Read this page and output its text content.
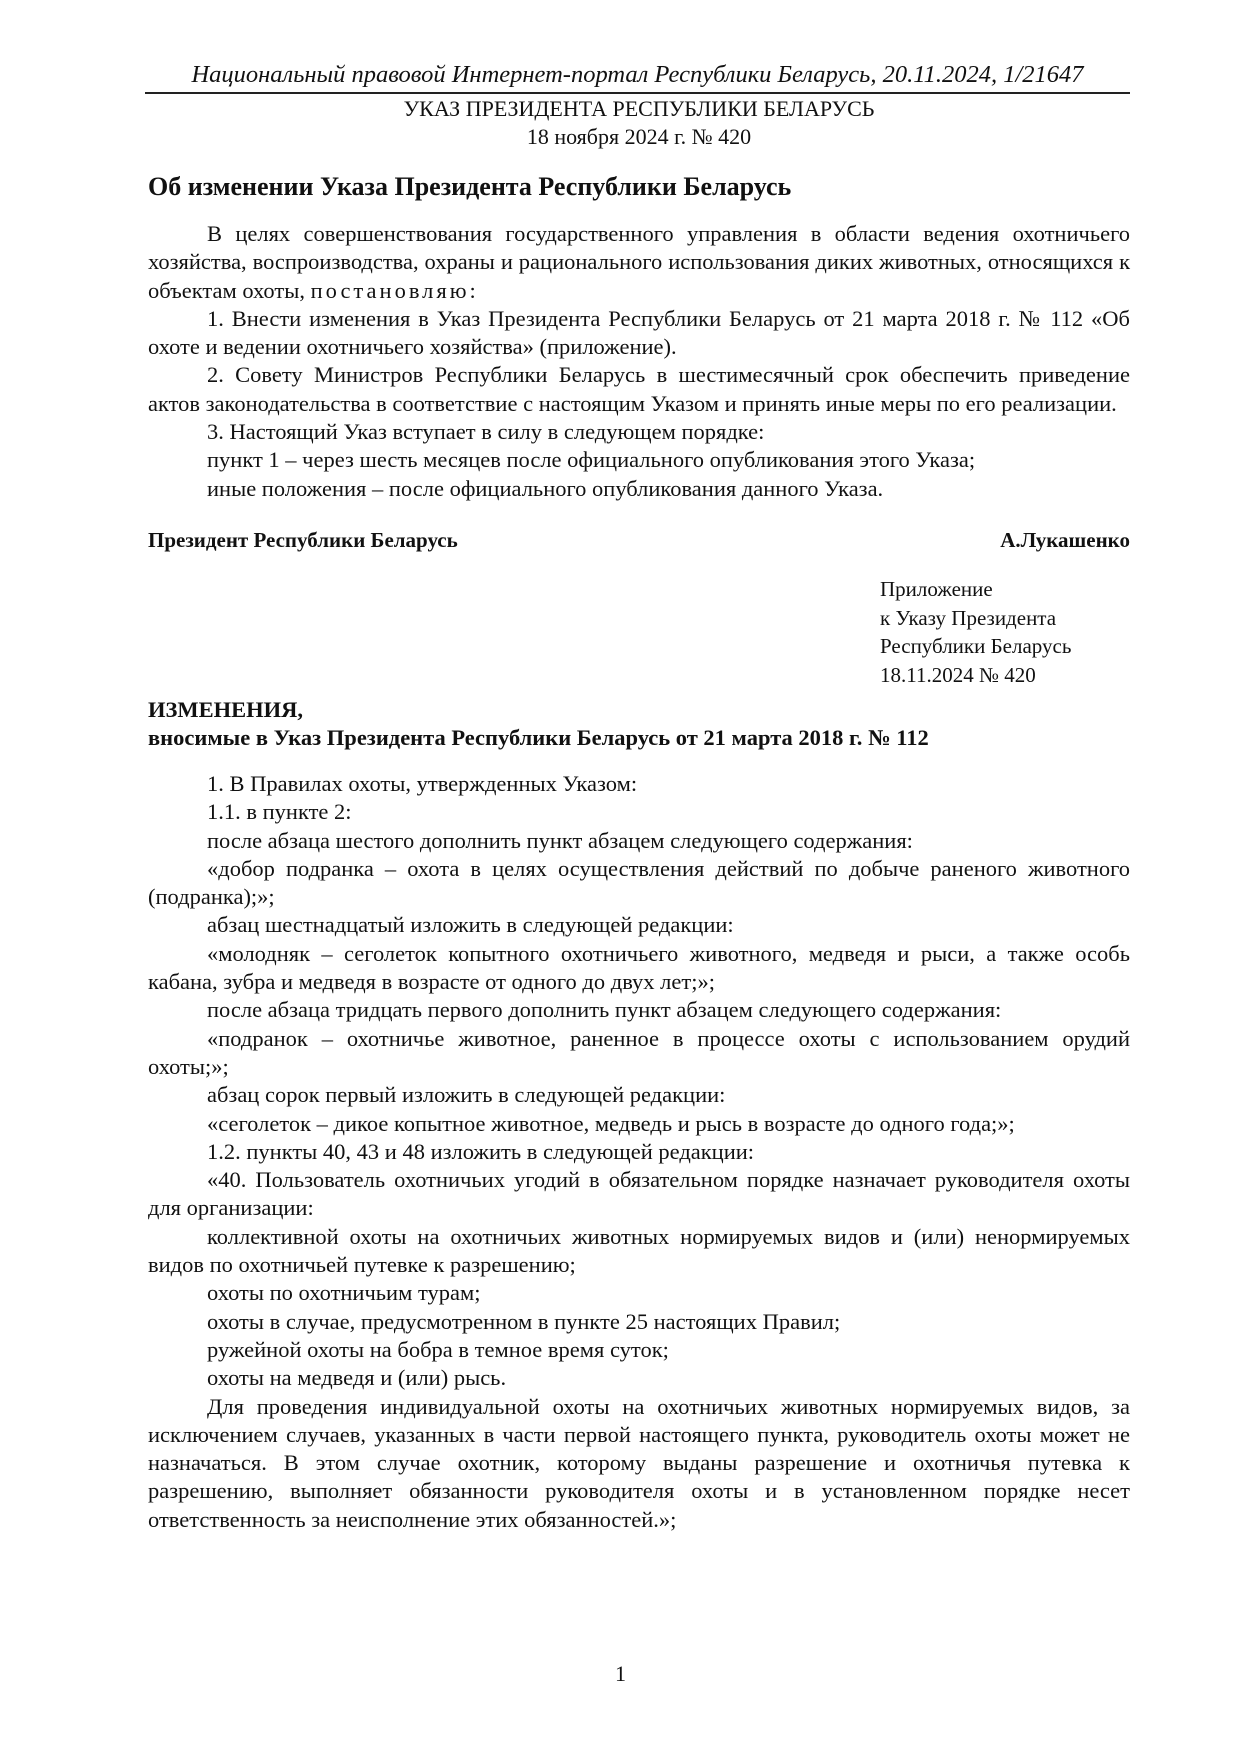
Национальный правовой Интернет-портал Республики Беларусь, 20.11.2024, 1/21647
УКАЗ ПРЕЗИДЕНТА РЕСПУБЛИКИ БЕЛАРУСЬ
18 ноября 2024 г. № 420
Об изменении Указа Президента Республики Беларусь

В целях совершенствования государственного управления в области ведения охотничьего хозяйства, воспроизводства, охраны и рационального использования диких животных, относящихся к объектам охоты, постановляю:

1. Внести изменения в Указ Президента Республики Беларусь от 21 марта 2018 г. № 112 «Об охоте и ведении охотничьего хозяйства» (приложение).

2. Совету Министров Республики Беларусь в шестимесячный срок обеспечить приведение актов законодательства в соответствие с настоящим Указом и принять иные меры по его реализации.

3. Настоящий Указ вступает в силу в следующем порядке:

пункт 1 – через шесть месяцев после официального опубликования этого Указа;

иные положения – после официального опубликования данного Указа.

Президент Республики Беларусь	А.Лукашенко
Приложение
к Указу Президента
Республики Беларусь
18.11.2024 № 420
ИЗМЕНЕНИЯ,
вносимые в Указ Президента Республики Беларусь от 21 марта 2018 г. № 112

1. В Правилах охоты, утвержденных Указом:

1.1. в пункте 2:

после абзаца шестого дополнить пункт абзацем следующего содержания:

«добор подранка – охота в целях осуществления действий по добыче раненого животного (подранка);»;

абзац шестнадцатый изложить в следующей редакции:

«молодняк – сеголеток копытного охотничьего животного, медведя и рыси, а также особь кабана, зубра и медведя в возрасте от одного до двух лет;»;

после абзаца тридцать первого дополнить пункт абзацем следующего содержания:

«подранок – охотничье животное, раненное в процессе охоты с использованием орудий охоты;»;

абзац сорок первый изложить в следующей редакции:

«сеголеток – дикое копытное животное, медведь и рысь в возрасте до одного года;»;

1.2. пункты 40, 43 и 48 изложить в следующей редакции:

«40. Пользователь охотничьих угодий в обязательном порядке назначает руководителя охоты для организации:

коллективной охоты на охотничьих животных нормируемых видов и (или) ненормируемых видов по охотничьей путевке к разрешению;

охоты по охотничьим турам;

охоты в случае, предусмотренном в пункте 25 настоящих Правил;

ружейной охоты на бобра в темное время суток;

охоты на медведя и (или) рысь.

Для проведения индивидуальной охоты на охотничьих животных нормируемых видов, за исключением случаев, указанных в части первой настоящего пункта, руководитель охоты может не назначаться. В этом случае охотник, которому выданы разрешение и охотничья путевка к разрешению, выполняет обязанности руководителя охоты и в установленном порядке несет ответственность за неисполнение этих обязанностей.»;

1
